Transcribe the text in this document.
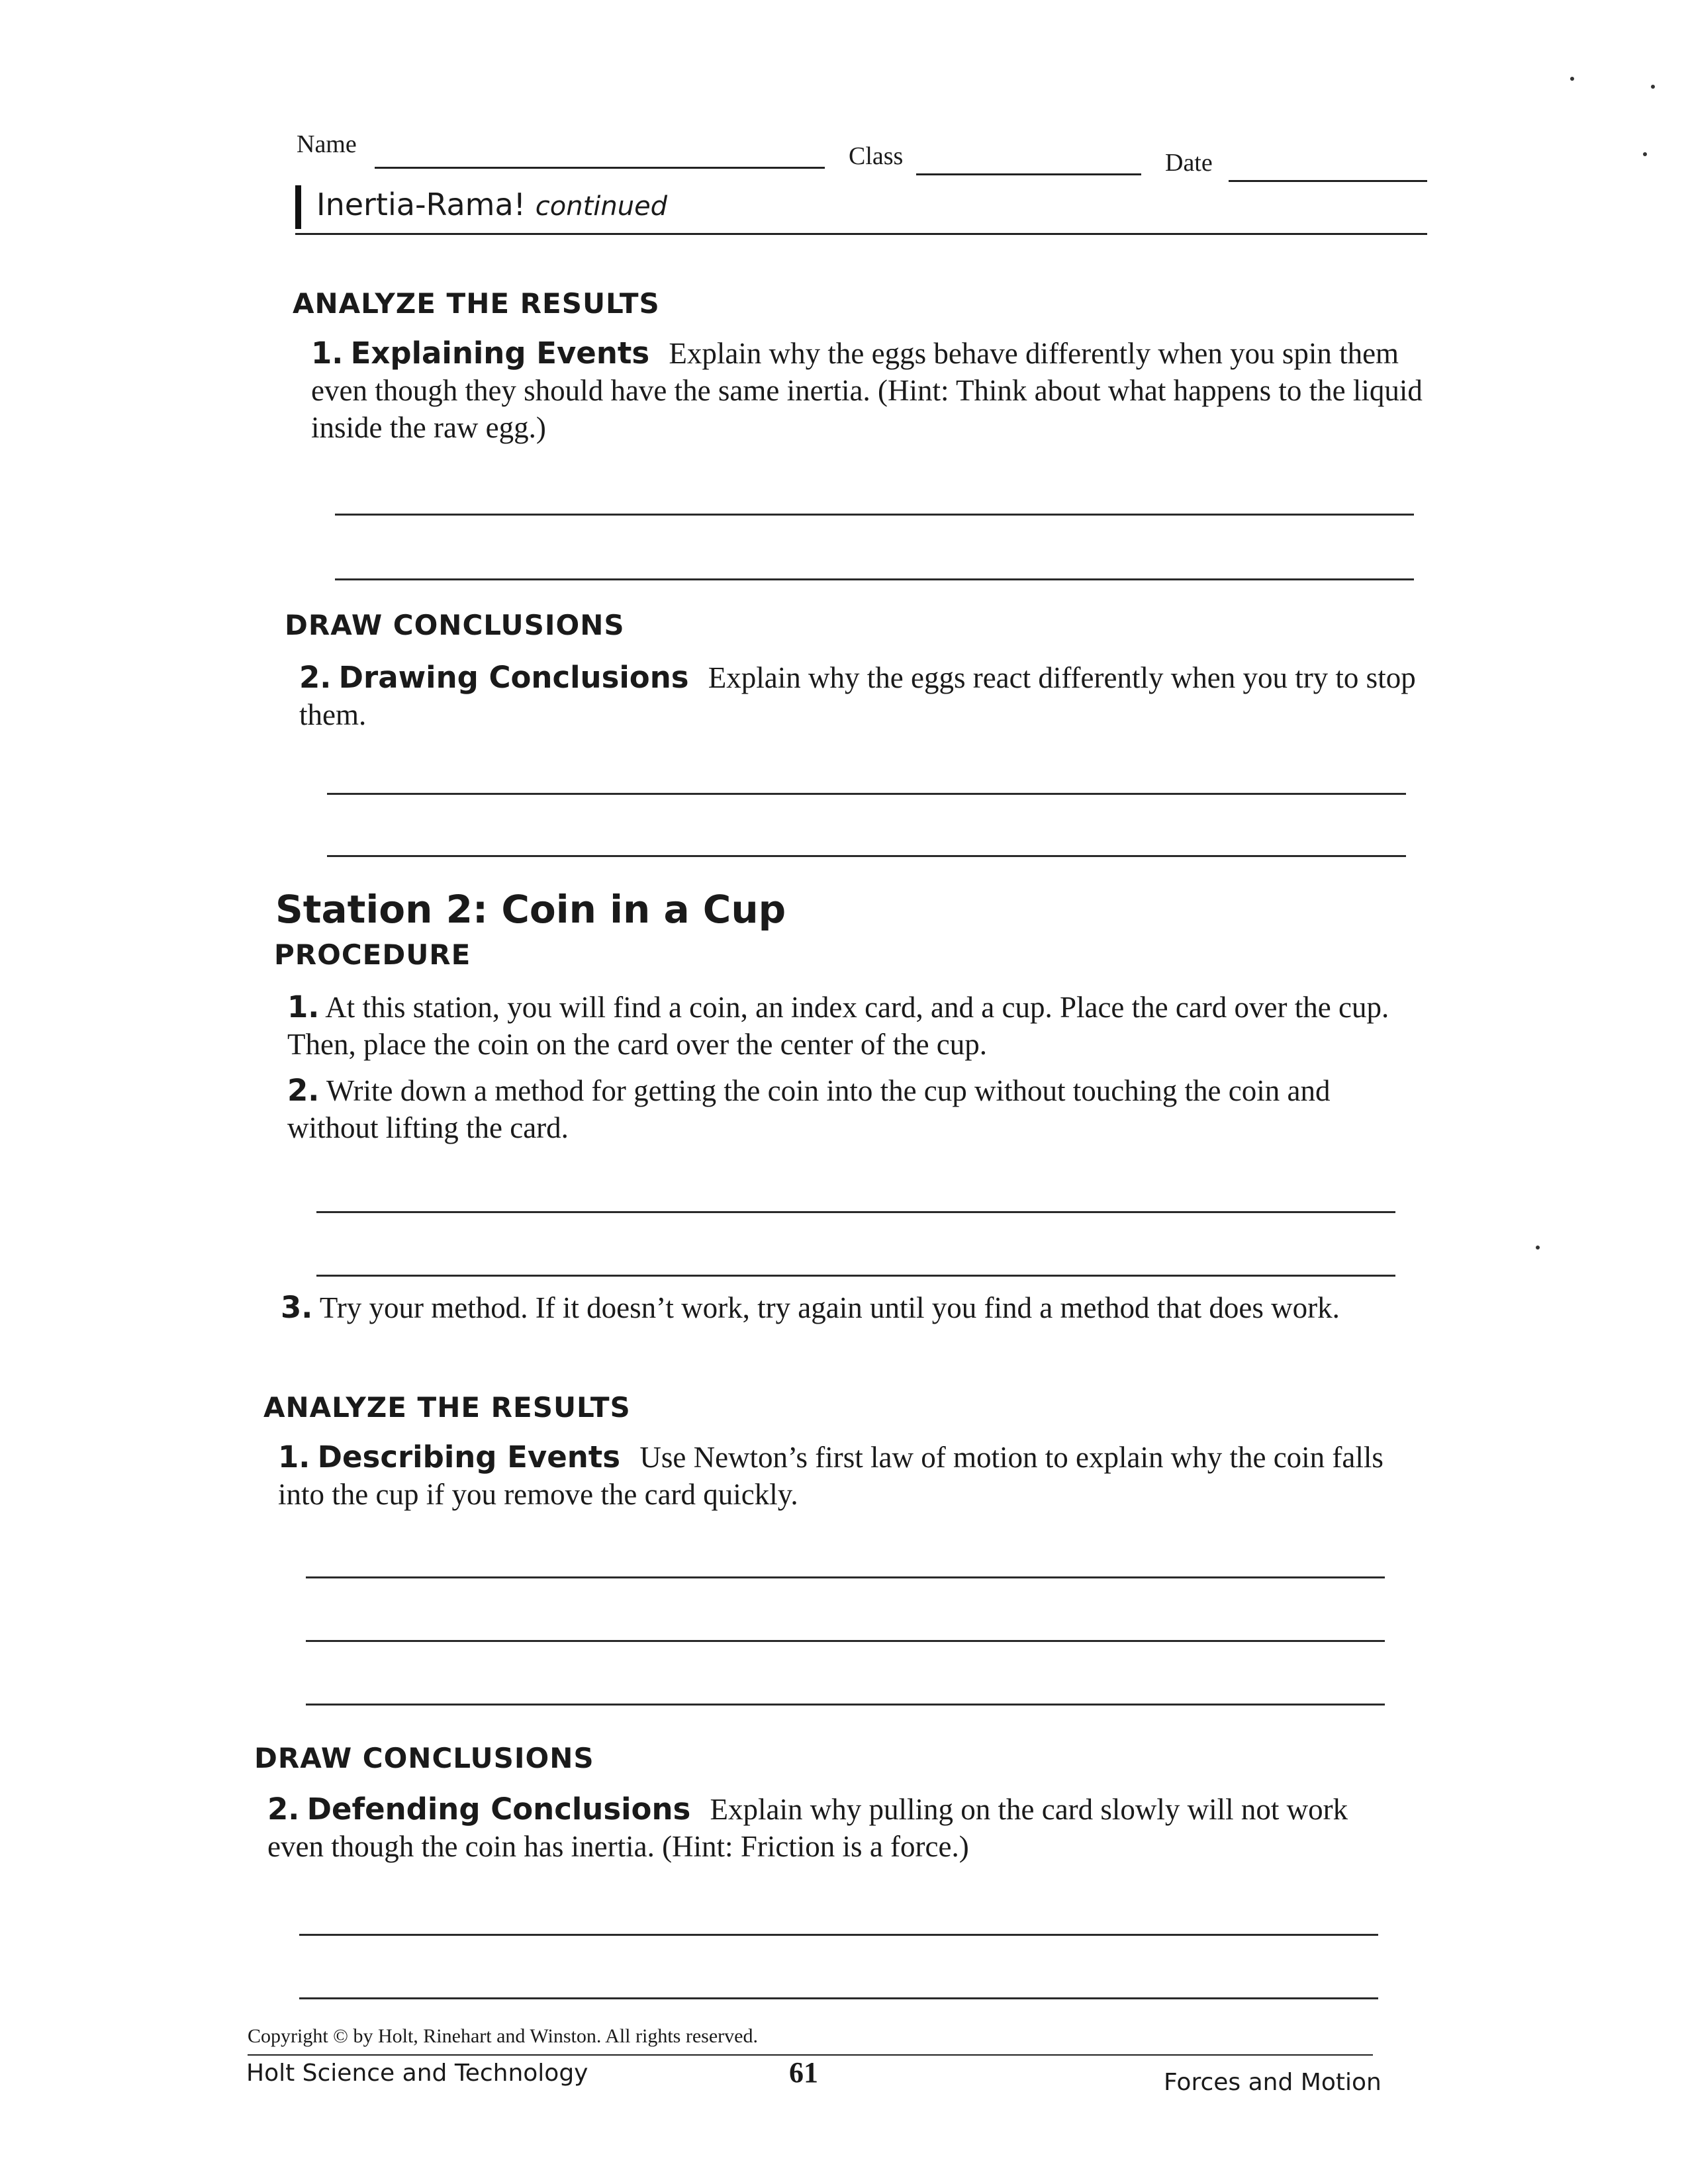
Name	Class	Date
Inertia-Rama! continued
ANALYZE THE RESULTS
1. Explaining Events Explain why the eggs behave differently when you spin them even though they should have the same inertia. (Hint: Think about what happens to the liquid inside the raw egg.)
DRAW CONCLUSIONS
2. Drawing Conclusions Explain why the eggs react differently when you try to stop them.
Station 2: Coin in a Cup
PROCEDURE
1. At this station, you will find a coin, an index card, and a cup. Place the card over the cup. Then, place the coin on the card over the center of the cup.
2. Write down a method for getting the coin into the cup without touching the coin and without lifting the card.
3. Try your method. If it doesn’t work, try again until you find a method that does work.
ANALYZE THE RESULTS
1. Describing Events Use Newton’s first law of motion to explain why the coin falls into the cup if you remove the card quickly.
DRAW CONCLUSIONS
2. Defending Conclusions Explain why pulling on the card slowly will not work even though the coin has inertia. (Hint: Friction is a force.)
Copyright © by Holt, Rinehart and Winston. All rights reserved.
Holt Science and Technology	61	Forces and Motion
